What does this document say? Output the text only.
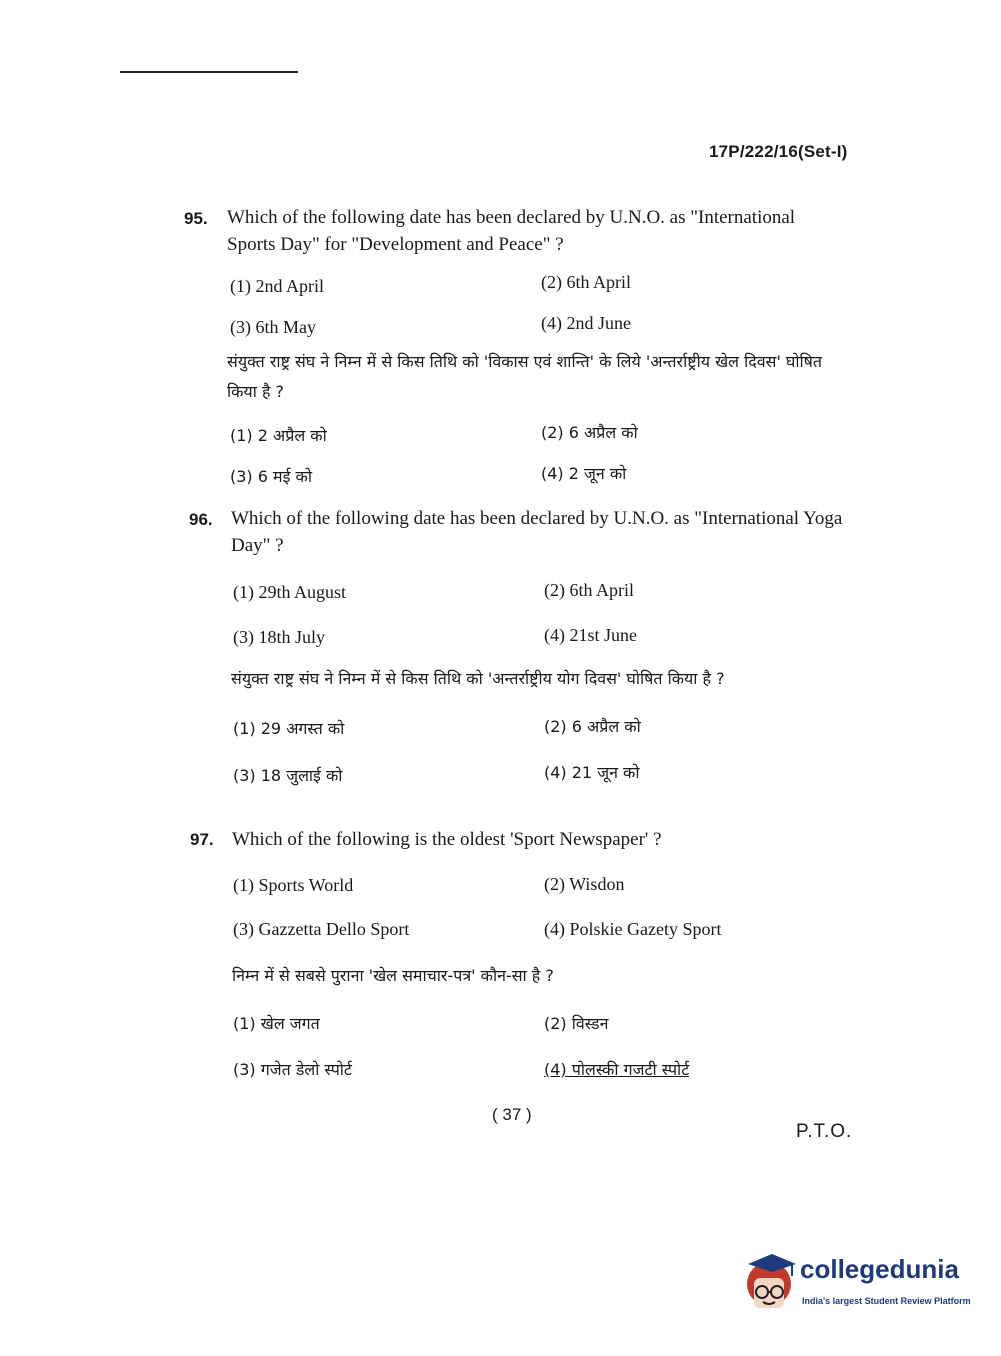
17P/222/16(Set-I)
95. Which of the following date has been declared by U.N.O. as "International Sports Day" for "Development and Peace" ?
(1) 2nd April	(2) 6th April
(3) 6th May	(4) 2nd June
संयुक्त राष्ट्र संघ ने निम्न में से किस तिथि को 'विकास एवं शान्ति' के लिये 'अन्तर्राष्ट्रीय खेल दिवस' घोषित किया है ?
(1) 2 अप्रैल को	(2) 6 अप्रैल को
(3) 6 मई को	(4) 2 जून को
96. Which of the following date has been declared by U.N.O. as "International Yoga Day" ?
(1) 29th August	(2) 6th April
(3) 18th July	(4) 21st June
संयुक्त राष्ट्र संघ ने निम्न में से किस तिथि को 'अन्तर्राष्ट्रीय योग दिवस' घोषित किया है ?
(1) 29 अगस्त को	(2) 6 अप्रैल को
(3) 18 जुलाई को	(4) 21 जून को
97. Which of the following is the oldest 'Sport Newspaper' ?
(1) Sports World	(2) Wisdon
(3) Gazzetta Dello Sport	(4) Polskie Gazety Sport
निम्न में से सबसे पुराना 'खेल समाचार-पत्र' कौन-सा है ?
(1) खेल जगत	(2) विस्डन
(3) गजेत डेलो स्पोर्ट	(4) पोलस्की गजटी स्पोर्ट
( 37 )
P.T.O.
collegedunia
India's largest Student Review Platform
